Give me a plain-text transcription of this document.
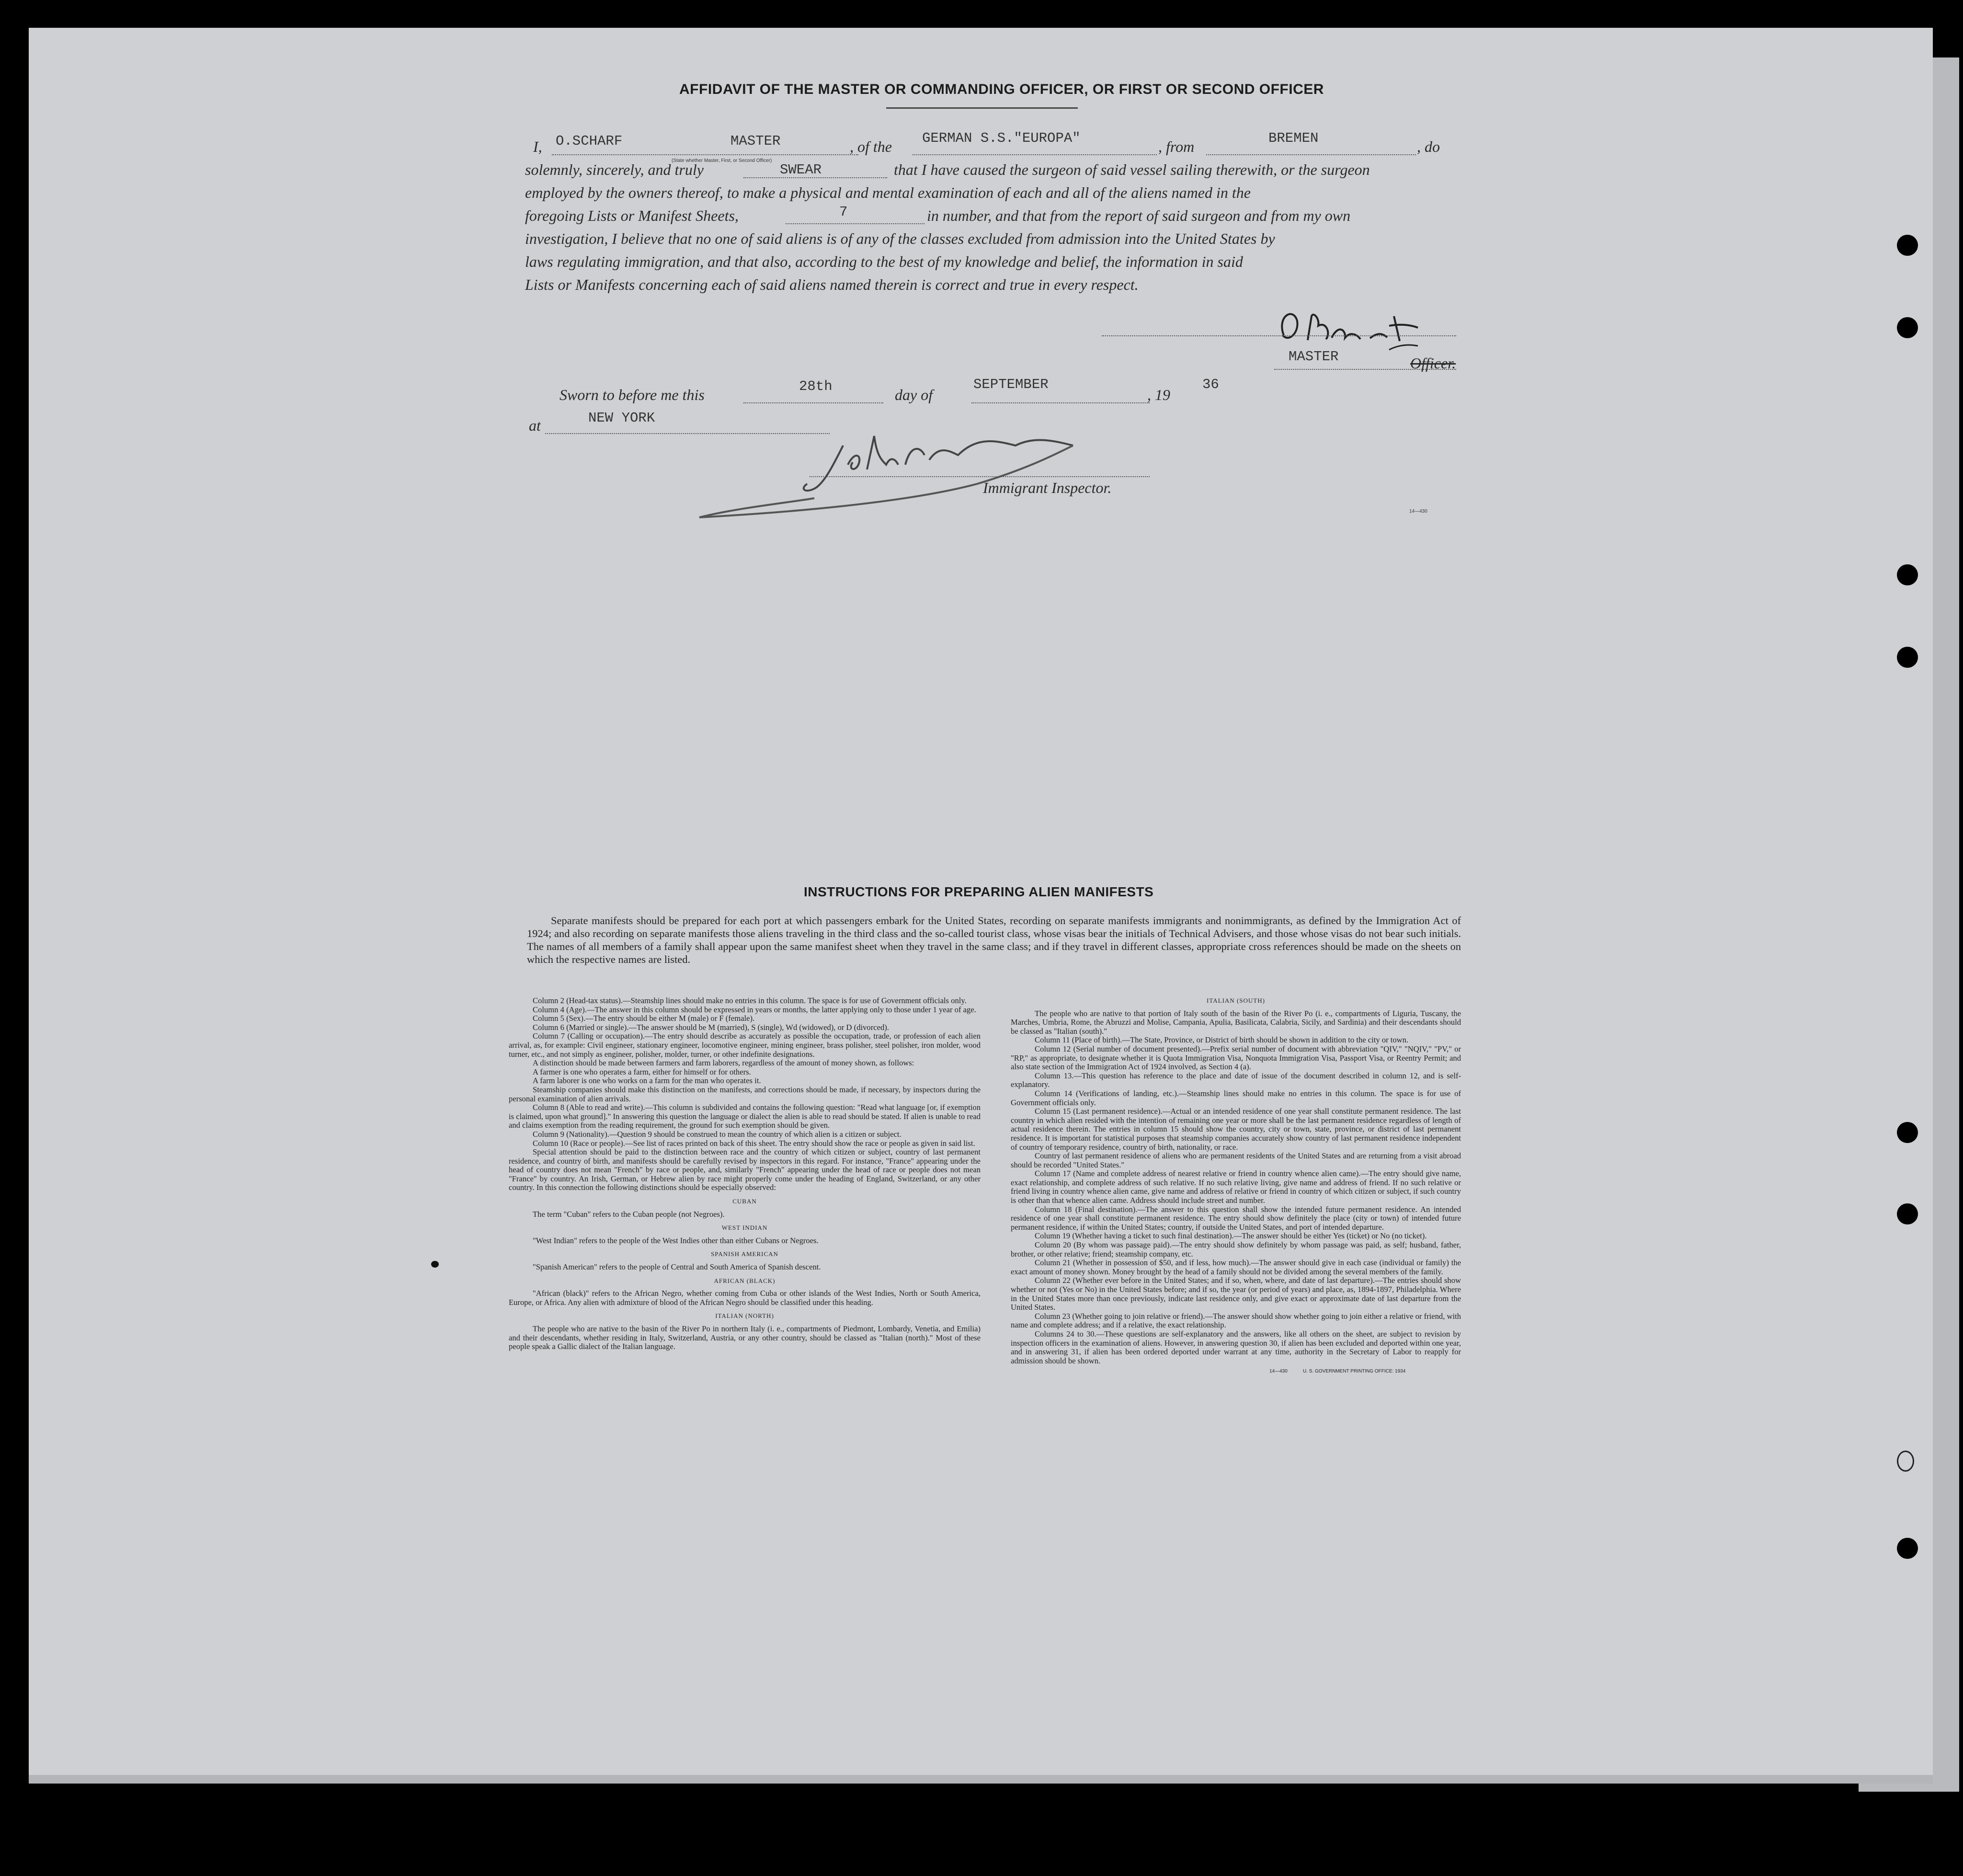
AFFIDAVIT OF THE MASTER OR COMMANDING OFFICER, OR FIRST OR SECOND OFFICER
I, O.SCHARF	MASTER
(State whether Master, First, or Second Officer)
, of the GERMAN S.S."EUROPA"	, from	BREMEN	, do
solemnly, sincerely, and truly	SWEAR	that I have caused the surgeon of said vessel sailing therewith, or the surgeon
employed by the owners thereof, to make a physical and mental examination of each and all of the aliens named in the
foregoing Lists or Manifest Sheets,	7	in number, and that from the report of said surgeon and from my own
investigation, I believe that no one of said aliens is of any of the classes excluded from admission into the United States by
laws regulating immigration, and that also, according to the best of my knowledge and belief, the information in said
Lists or Manifests concerning each of said aliens named therein is correct and true in every respect.
MASTER	Officer.
Sworn to before me this	28th	day of
SEPTEMBER
, 19
36
at	NEW YORK
Immigrant Inspector.
14—430
INSTRUCTIONS FOR PREPARING ALIEN MANIFESTS
Separate manifests should be prepared for each port at which passengers embark for the United States, recording on separate manifests immigrants and nonimmigrants, as defined by the Immigration Act of 1924; and also recording on separate manifests those aliens traveling in the third class and the so-called tourist class, whose visas bear the initials of Technical Advisers, and those whose visas do not bear such initials. The names of all members of a family shall appear upon the same manifest sheet when they travel in the same class; and if they travel in different classes, appropriate cross references should be made on the sheets on which the respective names are listed.

Column 2 (Head-tax status).—Steamship lines should make no entries in this column. The space is for use of Government officials only.

Column 4 (Age).—The answer in this column should be expressed in years or months, the latter applying only to those under 1 year of age.

Column 5 (Sex).—The entry should be either M (male) or F (female).

Column 6 (Married or single).—The answer should be M (married), S (single), Wd (widowed), or D (divorced).

Column 7 (Calling or occupation).—The entry should describe as accurately as possible the occupation, trade, or profession of each alien arrival, as, for example: Civil engineer, stationary engineer, locomotive engineer, mining engineer, brass polisher, steel polisher, iron molder, wood turner, etc., and not simply as engineer, polisher, molder, turner, or other indefinite designations.

A distinction should be made between farmers and farm laborers, regardless of the amount of money shown, as follows:

A farmer is one who operates a farm, either for himself or for others.

A farm laborer is one who works on a farm for the man who operates it.

Steamship companies should make this distinction on the manifests, and corrections should be made, if necessary, by inspectors during the personal examination of alien arrivals.

Column 8 (Able to read and write).—This column is subdivided and contains the following question: "Read what language [or, if exemption is claimed, upon what ground]." In answering this question the language or dialect the alien is able to read should be stated. If alien is unable to read and claims exemption from the reading requirement, the ground for such exemption should be given.

Column 9 (Nationality).—Question 9 should be construed to mean the country of which alien is a citizen or subject.

Column 10 (Race or people).—See list of races printed on back of this sheet. The entry should show the race or people as given in said list.

Special attention should be paid to the distinction between race and the country of which citizen or subject, country of last permanent residence, and country of birth, and manifests should be carefully revised by inspectors in this regard. For instance, "France" appearing under the head of country does not mean "French" by race or people, and, similarly "French" appearing under the head of race or people does not mean "France" by country. An Irish, German, or Hebrew alien by race might properly come under the heading of England, Switzerland, or any other country. In this connection the following distinctions should be especially observed:

CUBAN

The term "Cuban" refers to the Cuban people (not Negroes).

WEST INDIAN

"West Indian" refers to the people of the West Indies other than either Cubans or Negroes.

SPANISH AMERICAN

"Spanish American" refers to the people of Central and South America of Spanish descent.

AFRICAN (BLACK)

"African (black)" refers to the African Negro, whether coming from Cuba or other islands of the West Indies, North or South America, Europe, or Africa. Any alien with admixture of blood of the African Negro should be classified under this heading.

ITALIAN (NORTH)

The people who are native to the basin of the River Po in northern Italy (i. e., compartments of Piedmont, Lombardy, Venetia, and Emilia) and their descendants, whether residing in Italy, Switzerland, Austria, or any other country, should be classed as "Italian (north)." Most of these people speak a Gallic dialect of the Italian language.

ITALIAN (SOUTH)

The people who are native to that portion of Italy south of the basin of the River Po (i. e., compartments of Liguria, Tuscany, the Marches, Umbria, Rome, the Abruzzi and Molise, Campania, Apulia, Basilicata, Calabria, Sicily, and Sardinia) and their descendants should be classed as "Italian (south)."

Column 11 (Place of birth).—The State, Province, or District of birth should be shown in addition to the city or town.

Column 12 (Serial number of document presented).—Prefix serial number of document with abbreviation "QIV," "NQIV," "PV," or "RP," as appropriate, to designate whether it is Quota Immigration Visa, Nonquota Immigration Visa, Passport Visa, or Reentry Permit; and also state section of the Immigration Act of 1924 involved, as Section 4 (a).

Column 13.—This question has reference to the place and date of issue of the document described in column 12, and is self-explanatory.

Column 14 (Verifications of landing, etc.).—Steamship lines should make no entries in this column. The space is for use of Government officials only.

Column 15 (Last permanent residence).—Actual or an intended residence of one year shall constitute permanent residence. The last country in which alien resided with the intention of remaining one year or more shall be the last permanent residence regardless of length of actual residence therein. The entries in column 15 should show the country, city or town, state, province, or district of last permanent residence. It is important for statistical purposes that steamship companies accurately show country of last permanent residence independent of country of temporary residence, country of birth, nationality, or race.

Country of last permanent residence of aliens who are permanent residents of the United States and are returning from a visit abroad should be recorded "United States."

Column 17 (Name and complete address of nearest relative or friend in country whence alien came).—The entry should give name, exact relationship, and complete address of such relative. If no such relative living, give name and address of friend. If no such relative or friend living in country whence alien came, give name and address of relative or friend in country of which citizen or subject, if such country is other than that whence alien came. Address should include street and number.

Column 18 (Final destination).—The answer to this question shall show the intended future permanent residence. An intended residence of one year shall constitute permanent residence. The entry should show definitely the place (city or town) of intended future permanent residence, if within the United States; country, if outside the United States, and port of intended departure.

Column 19 (Whether having a ticket to such final destination).—The answer should be either Yes (ticket) or No (no ticket).

Column 20 (By whom was passage paid).—The entry should show definitely by whom passage was paid, as self; husband, father, brother, or other relative; friend; steamship company, etc.

Column 21 (Whether in possession of $50, and if less, how much).—The answer should give in each case (individual or family) the exact amount of money shown. Money brought by the head of a family should not be divided among the several members of the family.

Column 22 (Whether ever before in the United States; and if so, when, where, and date of last departure).—The entries should show whether or not (Yes or No) in the United States before; and if so, the year (or period of years) and place, as, 1894-1897, Philadelphia. Where in the United States more than once previously, indicate last residence only, and give exact or approximate date of last departure from the United States.

Column 23 (Whether going to join relative or friend).—The answer should show whether going to join either a relative or friend, with name and complete address; and if a relative, the exact relationship.

Columns 24 to 30.—These questions are self-explanatory and the answers, like all others on the sheet, are subject to revision by inspection officers in the examination of aliens. However, in answering question 30, if alien has been excluded and deported within one year, and in answering 31, if alien has been ordered deported under warrant at any time, authority in the Secretary of Labor to reapply for admission should be shown.

14—430	U. S. GOVERNMENT PRINTING OFFICE: 1934
